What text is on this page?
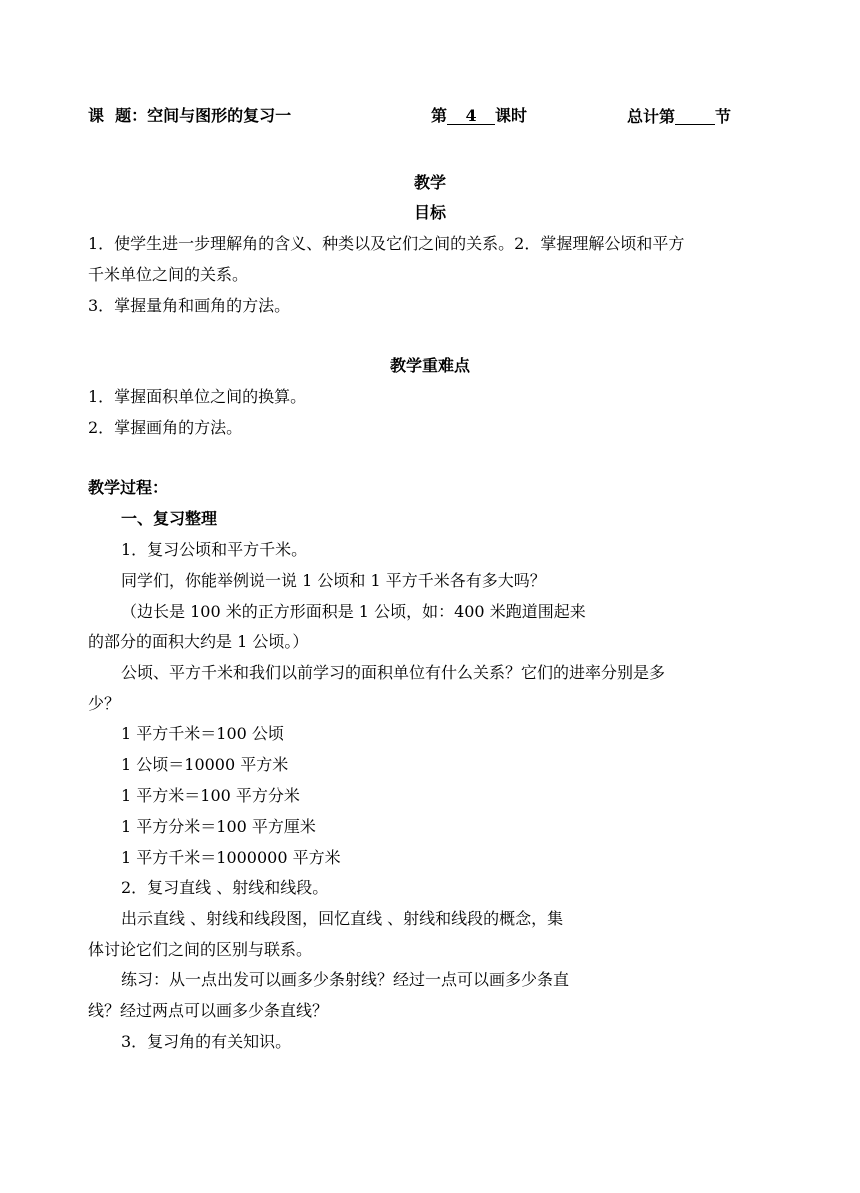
课  题：空间与图形的复习一	第 4 课时	总计第	节
教学
目标
1．使学生进一步理解角的含义、种类以及它们之间的关系。2．掌握理解公顷和平方
千米单位之间的关系。
3．掌握量角和画角的方法。
教学重难点
1．掌握面积单位之间的换算。
2．掌握画角的方法。
教学过程：
一、复习整理
1．复习公顷和平方千米。
同学们，你能举例说一说 1 公顷和 1 平方千米各有多大吗？
（边长是 100 米的正方形面积是 1 公顷，如：400 米跑道围起来
的部分的面积大约是 1 公顷。）
公顷、平方千米和我们以前学习的面积单位有什么关系？它们的进率分别是多
少？
1 平方千米＝100 公顷
1 公顷＝10000 平方米
1 平方米＝100 平方分米
1 平方分米＝100 平方厘米
1 平方千米＝1000000 平方米
2．复习直线 、射线和线段。
出示直线 、射线和线段图，回忆直线 、射线和线段的概念，集
体讨论它们之间的区别与联系。
练习：从一点出发可以画多少条射线？经过一点可以画多少条直
线？经过两点可以画多少条直线？
3．复习角的有关知识。
